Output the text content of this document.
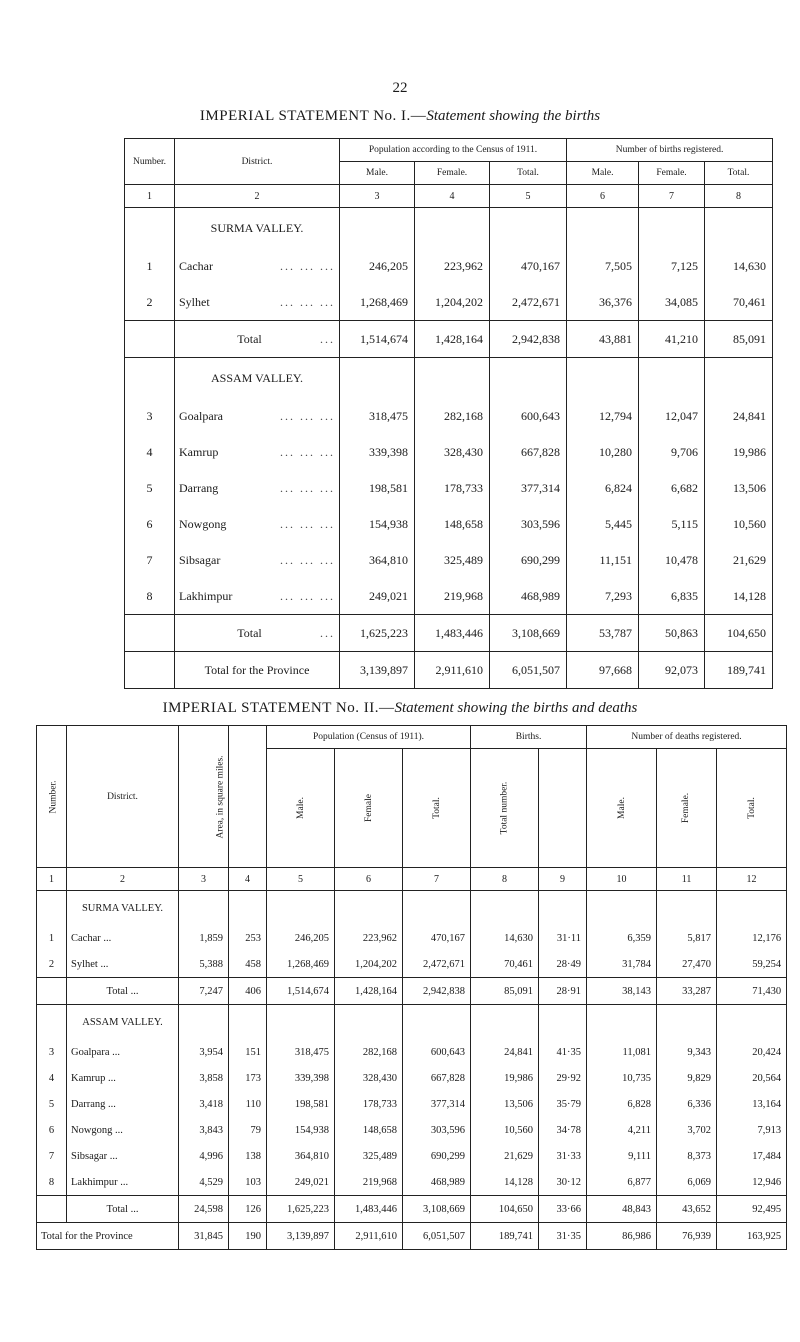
22
IMPERIAL STATEMENT No. I.—Statement showing the births
Number.	District.	Population according to the Census of 1911.			Number of births registered.		
		Male.	Female.	Total.	Male.	Female.	Total.
1	2	3	4	5	6	7	8
	SURMA VALLEY.						
1	Cachar ... ... ...	246,205	223,962	470,167	7,505	7,125	14,630
2	Sylhet ... ... ...	1,268,469	1,204,202	2,472,671	36,376	34,085	70,461
	Total ...	1,514,674	1,428,164	2,942,838	43,881	41,210	85,091
	ASSAM VALLEY.						
3	Goalpara ... ... ...	318,475	282,168	600,643	12,794	12,047	24,841
4	Kamrup ... ... ...	339,398	328,430	667,828	10,280	9,706	19,986
5	Darrang ... ... ...	198,581	178,733	377,314	6,824	6,682	13,506
6	Nowgong ... ... ...	154,938	148,658	303,596	5,445	5,115	10,560
7	Sibsagar ... ... ...	364,810	325,489	690,299	11,151	10,478	21,629
8	Lakhimpur ... ... ...	249,021	219,968	468,989	7,293	6,835	14,128
	Total ...	1,625,223	1,483,446	3,108,669	53,787	50,863	104,650
	Total for the Province	3,139,897	2,911,610	6,051,507	97,668	92,073	189,741
IMPERIAL STATEMENT No. II.—Statement showing the births and deaths
Number.	District.	Area, in square miles.		Population (Census of 1911).			Births.		Number of deaths registered.		
				Male.	Female	Total.	Total number.		Male.	Female.	Total.
1	2	3	4	5	6	7	8	9	10	11	12
	SURMA VALLEY.										
1	Cachar ...	1,859	253	246,205	223,962	470,167	14,630	31·11	6,359	5,817	12,176
2	Sylhet ...	5,388	458	1,268,469	1,204,202	2,472,671	70,461	28·49	31,784	27,470	59,254
	Total ...	7,247	406	1,514,674	1,428,164	2,942,838	85,091	28·91	38,143	33,287	71,430
	ASSAM VALLEY.										
3	Goalpara ...	3,954	151	318,475	282,168	600,643	24,841	41·35	11,081	9,343	20,424
4	Kamrup ...	3,858	173	339,398	328,430	667,828	19,986	29·92	10,735	9,829	20,564
5	Darrang ...	3,418	110	198,581	178,733	377,314	13,506	35·79	6,828	6,336	13,164
6	Nowgong ...	3,843	79	154,938	148,658	303,596	10,560	34·78	4,211	3,702	7,913
7	Sibsagar ...	4,996	138	364,810	325,489	690,299	21,629	31·33	9,111	8,373	17,484
8	Lakhimpur ...	4,529	103	249,021	219,968	468,989	14,128	30·12	6,877	6,069	12,946
	Total ...	24,598	126	1,625,223	1,483,446	3,108,669	104,650	33·66	48,843	43,652	92,495
Total for the Province		31,845	190	3,139,897	2,911,610	6,051,507	189,741	31·35	86,986	76,939	163,925
